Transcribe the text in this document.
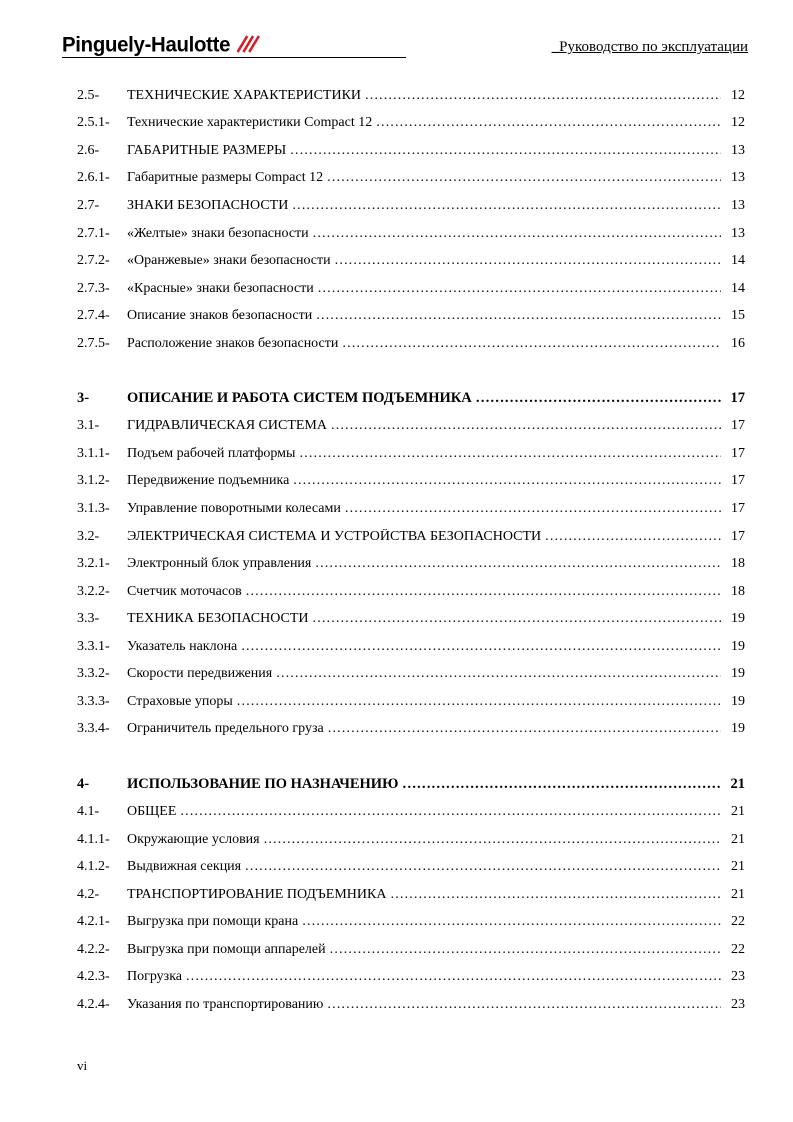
Pinguely-Haulotte	_Руководство по эксплуатации
2.5-	ТЕХНИЧЕСКИЕ ХАРАКТЕРИСТИКИ ……………………………………………………………………………………………………………………………………	12
2.5.1-	Технические характеристики Compact 12 ……………………………………………………………………………………………………………………………………	12
2.6-	ГАБАРИТНЫЕ РАЗМЕРЫ ……………………………………………………………………………………………………………………………………	13
2.6.1-	Габаритные размеры Compact 12 ……………………………………………………………………………………………………………………………………	13
2.7-	ЗНАКИ БЕЗОПАСНОСТИ ……………………………………………………………………………………………………………………………………	13
2.7.1-	«Желтые» знаки безопасности ……………………………………………………………………………………………………………………………………	13
2.7.2-	«Оранжевые» знаки безопасности ……………………………………………………………………………………………………………………………………	14
2.7.3-	«Красные» знаки безопасности ……………………………………………………………………………………………………………………………………	14
2.7.4-	Описание знаков безопасности ……………………………………………………………………………………………………………………………………	15
2.7.5-	Расположение знаков безопасности ……………………………………………………………………………………………………………………………………	16
3-	ОПИСАНИЕ И РАБОТА СИСТЕМ ПОДЪЕМНИКА ……………………………………………………………………………………………………………………………………	17
3.1-	ГИДРАВЛИЧЕСКАЯ СИСТЕМА ……………………………………………………………………………………………………………………………………	17
3.1.1-	Подъем рабочей платформы ……………………………………………………………………………………………………………………………………	17
3.1.2-	Передвижение подъемника ……………………………………………………………………………………………………………………………………	17
3.1.3-	Управление поворотными колесами ……………………………………………………………………………………………………………………………………	17
3.2-	ЭЛЕКТРИЧЕСКАЯ СИСТЕМА И УСТРОЙСТВА БЕЗОПАСНОСТИ ……………………………………………………………………………………………………………………………………	17
3.2.1-	Электронный блок управления ……………………………………………………………………………………………………………………………………	18
3.2.2-	Счетчик моточасов ……………………………………………………………………………………………………………………………………	18
3.3-	ТЕХНИКА БЕЗОПАСНОСТИ ……………………………………………………………………………………………………………………………………	19
3.3.1-	Указатель наклона ……………………………………………………………………………………………………………………………………	19
3.3.2-	Скорости передвижения ……………………………………………………………………………………………………………………………………	19
3.3.3-	Страховые упоры ……………………………………………………………………………………………………………………………………	19
3.3.4-	Ограничитель предельного груза ……………………………………………………………………………………………………………………………………	19
4-	ИСПОЛЬЗОВАНИЕ ПО НАЗНАЧЕНИЮ ……………………………………………………………………………………………………………………………………	21
4.1-	ОБЩЕЕ ……………………………………………………………………………………………………………………………………	21
4.1.1-	Окружающие условия ……………………………………………………………………………………………………………………………………	21
4.1.2-	Выдвижная секция ……………………………………………………………………………………………………………………………………	21
4.2-	ТРАНСПОРТИРОВАНИЕ ПОДЪЕМНИКА ……………………………………………………………………………………………………………………………………	21
4.2.1-	Выгрузка при помощи крана ……………………………………………………………………………………………………………………………………	22
4.2.2-	Выгрузка при помощи аппарелей ……………………………………………………………………………………………………………………………………	22
4.2.3-	Погрузка ……………………………………………………………………………………………………………………………………	23
4.2.4-	Указания по транспортированию ……………………………………………………………………………………………………………………………………	23
vi
